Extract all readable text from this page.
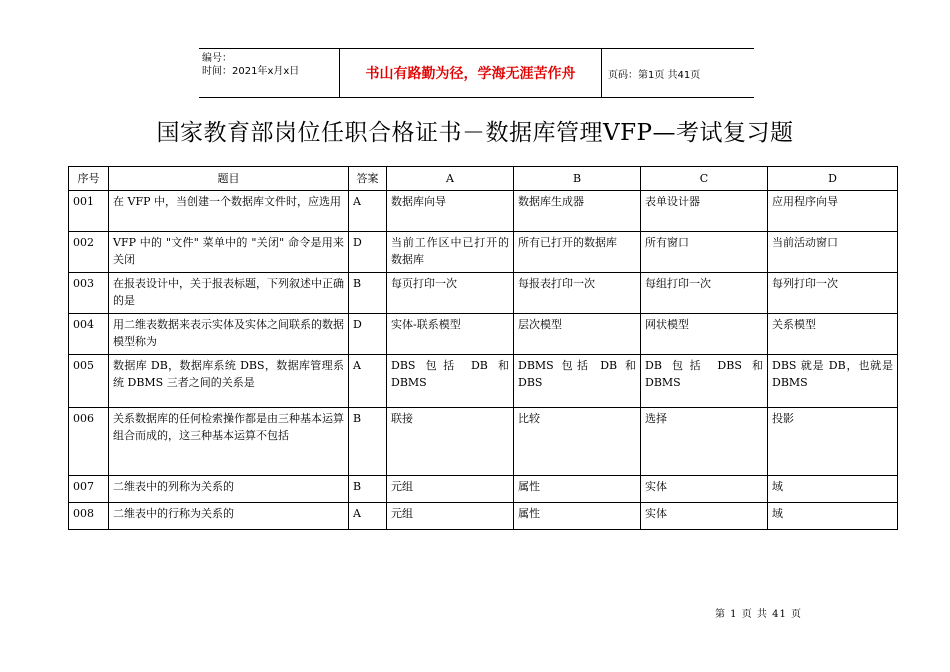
编号：
时间：2021年x月x日	书山有路勤为径，学海无涯苦作舟	页码：第1页 共41页
国家教育部岗位任职合格证书－数据库管理VFP—考试复习题
序号	题目	答案	A	B	C	D
001	在 VFP 中，当创建一个数据库文件时，应选用	A	数据库向导	数据库生成器	表单设计器	应用程序向导
002	VFP 中的 "文件" 菜单中的 "关闭" 命令是用来关闭	D	当前工作区中已打开的数据库	所有已打开的数据库	所有窗口	当前活动窗口
003	在报表设计中，关于报表标题，下列叙述中正确的是	B	每页打印一次	每报表打印一次	每组打印一次	每列打印一次
004	用二维表数据来表示实体及实体之间联系的数据模型称为	D	实体-联系模型	层次模型	网状模型	关系模型
005	数据库 DB，数据库系统 DBS，数据库管理系统 DBMS 三者之间的关系是	A	DBS 包括 DB 和 DBMS	DBMS 包括 DB 和 DBS	DB 包括 DBS 和 DBMS	DBS 就是 DB，也就是 DBMS
006	关系数据库的任何检索操作都是由三种基本运算组合而成的，这三种基本运算不包括	B	联接	比较	选择	投影
007	二维表中的列称为关系的	B	元组	属性	实体	域
008	二维表中的行称为关系的	A	元组	属性	实体	域
第 1 页 共 41 页
